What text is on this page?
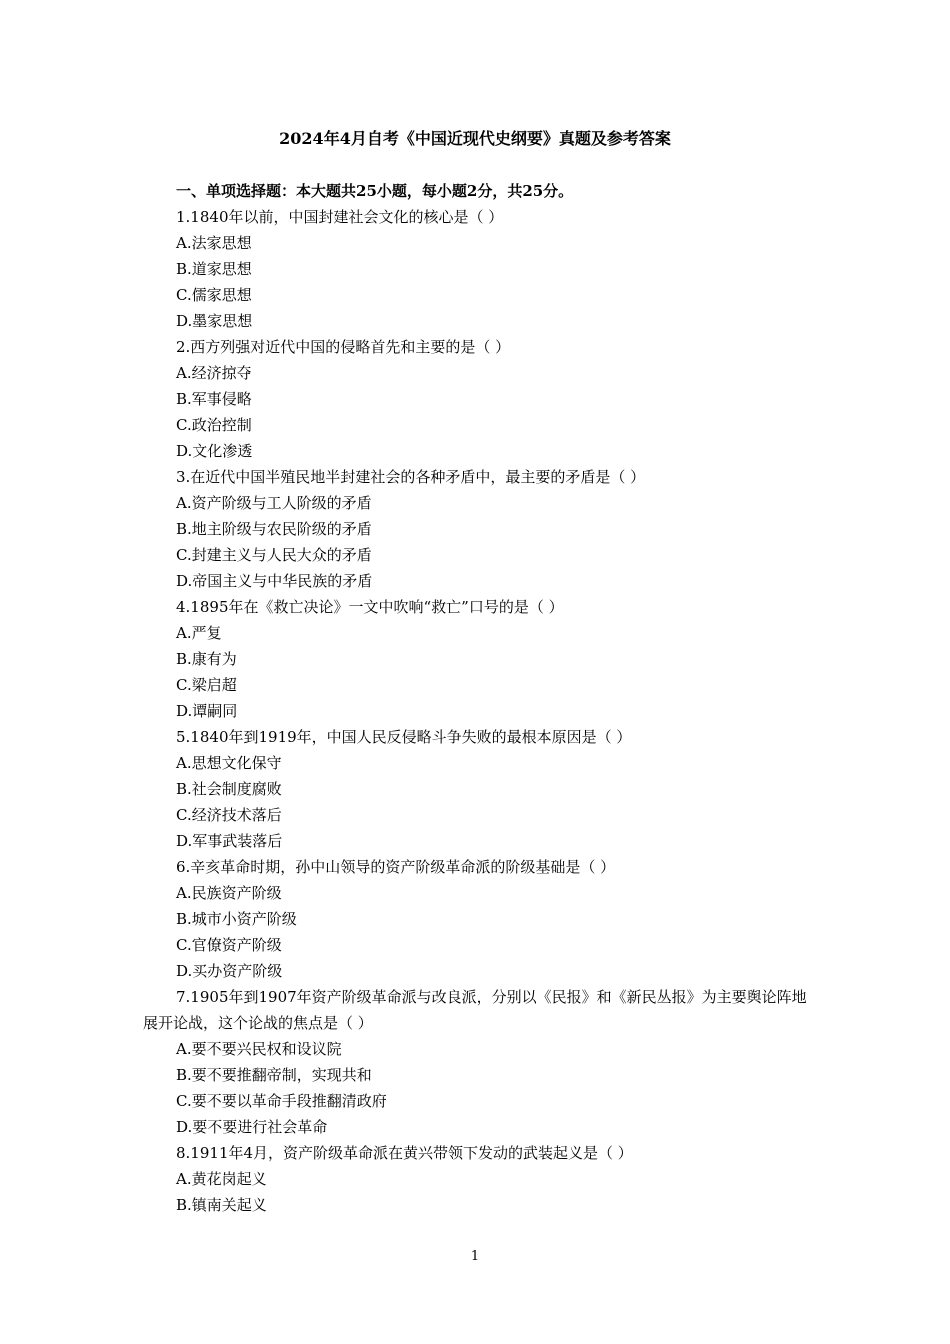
2024年4月自考《中国近现代史纲要》真题及参考答案
一、单项选择题：本大题共25小题，每小题2分，共25分。
1.1840年以前，中国封建社会文化的核心是（ ）
A.法家思想
B.道家思想
C.儒家思想
D.墨家思想
2.西方列强对近代中国的侵略首先和主要的是（ ）
A.经济掠夺
B.军事侵略
C.政治控制
D.文化渗透
3.在近代中国半殖民地半封建社会的各种矛盾中，最主要的矛盾是（ ）
A.资产阶级与工人阶级的矛盾
B.地主阶级与农民阶级的矛盾
C.封建主义与人民大众的矛盾
D.帝国主义与中华民族的矛盾
4.1895年在《救亡决论》一文中吹响“救亡”口号的是（ ）
A.严复
B.康有为
C.梁启超
D.谭嗣同
5.1840年到1919年，中国人民反侵略斗争失败的最根本原因是（ ）
A.思想文化保守
B.社会制度腐败
C.经济技术落后
D.军事武装落后
6.辛亥革命时期，孙中山领导的资产阶级革命派的阶级基础是（ ）
A.民族资产阶级
B.城市小资产阶级
C.官僚资产阶级
D.买办资产阶级
7.1905年到1907年资产阶级革命派与改良派，分别以《民报》和《新民丛报》为主要舆论阵地展开论战，这个论战的焦点是（ ）
A.要不要兴民权和设议院
B.要不要推翻帝制，实现共和
C.要不要以革命手段推翻清政府
D.要不要进行社会革命
8.1911年4月，资产阶级革命派在黄兴带领下发动的武装起义是（ ）
A.黄花岗起义
B.镇南关起义
1
